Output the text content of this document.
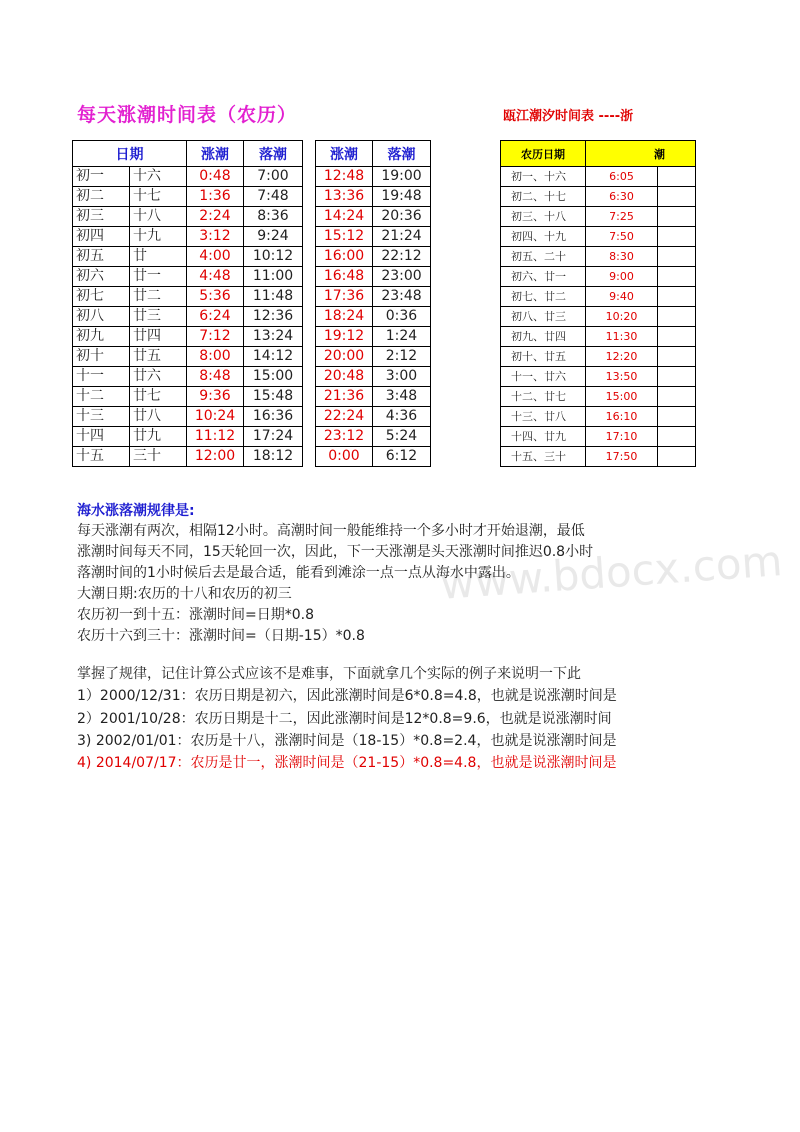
每天涨潮时间表（农历）	瓯江潮汐时间表 ----浙
日期		涨潮	落潮
初一	十六	0:48	7:00
初二	十七	1:36	7:48
初三	十八	2:24	8:36
初四	十九	3:12	9:24
初五	廿	4:00	10:12
初六	廿一	4:48	11:00
初七	廿二	5:36	11:48
初八	廿三	6:24	12:36
初九	廿四	7:12	13:24
初十	廿五	8:00	14:12
十一	廿六	8:48	15:00
十二	廿七	9:36	15:48
十三	廿八	10:24	16:36
十四	廿九	11:12	17:24
十五	三十	12:00	18:12
涨潮	落潮
12:48	19:00
13:36	19:48
14:24	20:36
15:12	21:24
16:00	22:12
16:48	23:00
17:36	23:48
18:24	0:36
19:12	1:24
20:00	2:12
20:48	3:00
21:36	3:48
22:24	4:36
23:12	5:24
0:00	6:12
农历日期	潮	
初一、十六	6:05	
初二、十七	6:30	
初三、十八	7:25	
初四、十九	7:50	
初五、二十	8:30	
初六、廿一	9:00	
初七、廿二	9:40	
初八、廿三	10:20	
初九、廿四	11:30	
初十、廿五	12:20	
十一、廿六	13:50	
十二、廿七	15:00	
十三、廿八	16:10	
十四、廿九	17:10	
十五、三十	17:50	
www.bdocx.com
海水涨落潮规律是:
每天涨潮有两次，相隔12小时。高潮时间一般能维持一个多小时才开始退潮，最低
涨潮时间每天不同，15天轮回一次，因此，下一天涨潮是头天涨潮时间推迟0.8小时
落潮时间的1小时候后去是最合适，能看到滩涂一点一点从海水中露出。
大潮日期:农历的十八和农历的初三
农历初一到十五：涨潮时间=日期*0.8
农历十六到三十：涨潮时间=（日期-15）*0.8
掌握了规律，记住计算公式应该不是难事，下面就拿几个实际的例子来说明一下此
1）2000/12/31：农历日期是初六，因此涨潮时间是6*0.8=4.8，也就是说涨潮时间是
2）2001/10/28：农历日期是十二，因此涨潮时间是12*0.8=9.6，也就是说涨潮时间
3) 2002/01/01：农历是十八，涨潮时间是（18-15）*0.8=2.4，也就是说涨潮时间是
4) 2014/07/17：农历是廿一，涨潮时间是（21-15）*0.8=4.8，也就是说涨潮时间是
